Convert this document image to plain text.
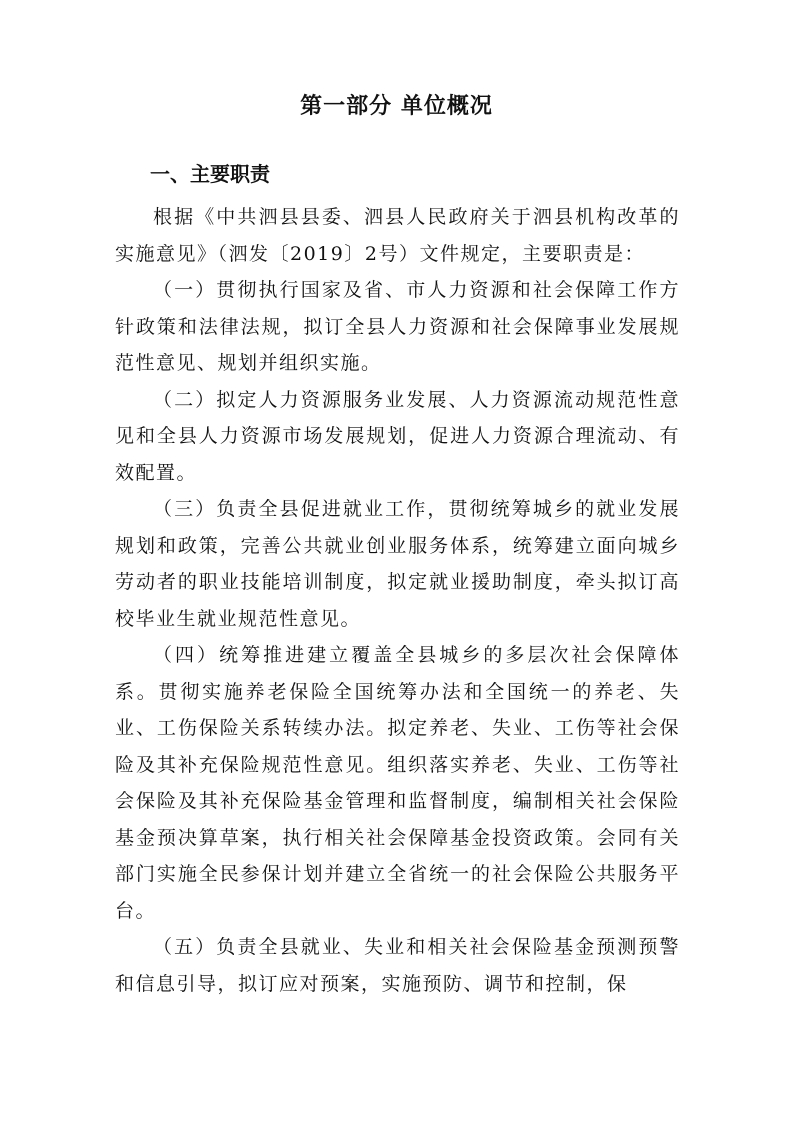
第一部分 单位概况
一、主要职责

根据《中共泗县县委、泗县人民政府关于泗县机构改革的实施意见》（泗发〔2019〕2号）文件规定，主要职责是：

（一）贯彻执行国家及省、市人力资源和社会保障工作方针政策和法律法规，拟订全县人力资源和社会保障事业发展规范性意见、规划并组织实施。

（二）拟定人力资源服务业发展、人力资源流动规范性意见和全县人力资源市场发展规划，促进人力资源合理流动、有效配置。

（三）负责全县促进就业工作，贯彻统筹城乡的就业发展规划和政策，完善公共就业创业服务体系，统筹建立面向城乡劳动者的职业技能培训制度，拟定就业援助制度，牵头拟订高校毕业生就业规范性意见。

（四）统筹推进建立覆盖全县城乡的多层次社会保障体系。贯彻实施养老保险全国统筹办法和全国统一的养老、失业、工伤保险关系转续办法。拟定养老、失业、工伤等社会保险及其补充保险规范性意见。组织落实养老、失业、工伤等社会保险及其补充保险基金管理和监督制度，编制相关社会保险基金预决算草案，执行相关社会保障基金投资政策。会同有关部门实施全民参保计划并建立全省统一的社会保险公共服务平台。

（五）负责全县就业、失业和相关社会保险基金预测预警和信息引导，拟订应对预案，实施预防、调节和控制，保
